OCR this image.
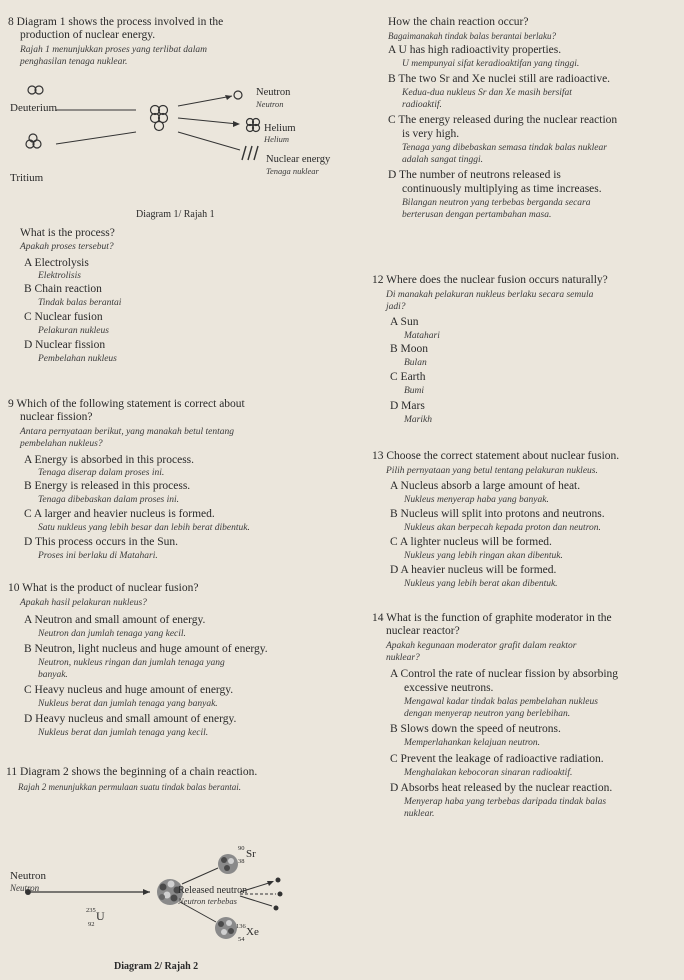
8 Diagram 1 shows the process involved in the
production of nuclear energy.
Rajah 1 menunjukkan proses yang terlibat dalam
penghasilan tenaga nuklear.
Deuterium
Tritium
Neutron
Neutron
Helium
Helium
Nuclear energy
Tenaga nuklear
Diagram 1/ Rajah 1
What is the process?
Apakah proses tersebut?
A Electrolysis
Elektrolisis
B Chain reaction
Tindak balas berantai
C Nuclear fusion
Pelakuran nukleus
D Nuclear fission
Pembelahan nukleus
9 Which of the following statement is correct about
nuclear fission?
Antara pernyataan berikut, yang manakah betul tentang
pembelahan nukleus?
A Energy is absorbed in this process.
Tenaga diserap dalam proses ini.
B Energy is released in this process.
Tenaga dibebaskan dalam proses ini.
C A larger and heavier nucleus is formed.
Satu nukleus yang lebih besar dan lebih berat dibentuk.
D This process occurs in the Sun.
Proses ini berlaku di Matahari.
10 What is the product of nuclear fusion?
Apakah hasil pelakuran nukleus?
A Neutron and small amount of energy.
Neutron dan jumlah tenaga yang kecil.
B Neutron, light nucleus and huge amount of energy.
Neutron, nukleus ringan dan jumlah tenaga yang
banyak.
C Heavy nucleus and huge amount of energy.
Nukleus berat dan jumlah tenaga yang banyak.
D Heavy nucleus and small amount of energy.
Nukleus berat dan jumlah tenaga yang kecil.
11 Diagram 2 shows the beginning of a chain reaction.
Rajah 2 menunjukkan permulaan suatu tindak balas berantai.
Neutron
Neutron	Released neutron
Neutron terbebas
Sr
90
38
U
235
92
Xe
136
54
Diagram 2/ Rajah 2
How the chain reaction occur?
Bagaimanakah tindak balas berantai berlaku?
A U has high radioactivity properties.
U mempunyai sifat keradioaktifan yang tinggi.
B The two Sr and Xe nuclei still are radioactive.
Kedua-dua nukleus Sr dan Xe masih bersifat
radioaktif.
C The energy released during the nuclear reaction
is very high.
Tenaga yang dibebaskan semasa tindak balas nuklear
adalah sangat tinggi.
D The number of neutrons released is
continuously multiplying as time increases.
Bilangan neutron yang terbebas berganda secara
berterusan dengan pertambahan masa.
12 Where does the nuclear fusion occurs naturally?
Di manakah pelakuran nukleus berlaku secara semula
jadi?
A Sun
Matahari
B Moon
Bulan
C Earth
Bumi
D Mars
Marikh
13 Choose the correct statement about nuclear fusion.
Pilih pernyataan yang betul tentang pelakuran nukleus.
A Nucleus absorb a large amount of heat.
Nukleus menyerap haba yang banyak.
B Nucleus will split into protons and neutrons.
Nukleus akan berpecah kepada proton dan neutron.
C A lighter nucleus will be formed.
Nukleus yang lebih ringan akan dibentuk.
D A heavier nucleus will be formed.
Nukleus yang lebih berat akan dibentuk.
14 What is the function of graphite moderator in the
nuclear reactor?
Apakah kegunaan moderator grafit dalam reaktor
nuklear?
A Control the rate of nuclear fission by absorbing
excessive neutrons.
Mengawal kadar tindak balas pembelahan nukleus
dengan menyerap neutron yang berlebihan.
B Slows down the speed of neutrons.
Memperlahankan kelajuan neutron.
C Prevent the leakage of radioactive radiation.
Menghalakan kebocoran sinaran radioaktif.
D Absorbs heat released by the nuclear reaction.
Menyerap haba yang terbebas daripada tindak balas
nuklear.
